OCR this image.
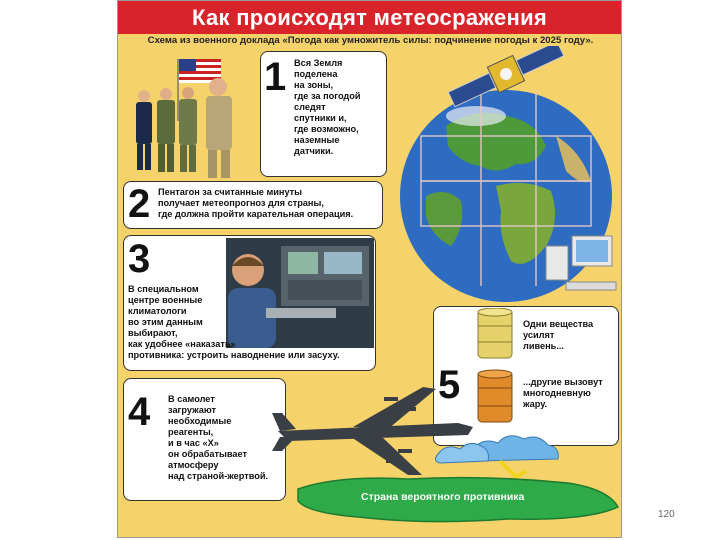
Как происходят метеосражения
Схема из военного доклада «Погода как умножитель силы: подчинение погоды к 2025 году».
1 Вся Земля
поделена
на зоны,
где за погодой
следят
спутники и,
где возможно,
наземные
датчики.
2 Пентагон за считанные минуты
получает метеопрогноз для страны,
где должна пройти карательная операция.
3
В специальном
центре военные
климатологи
во этим данным
выбирают,
как удобнее «наказать»
противника: устроить наводнение или засуху.
5
Одни вещества
усилят
ливень...
...другие вызовут
многодневную
жару.
4 В самолет
загружают
необходимые
реагенты,
и в час «Х»
он обрабатывает
атмосферу
над страной-жертвой.
Страна вероятного противника
120
